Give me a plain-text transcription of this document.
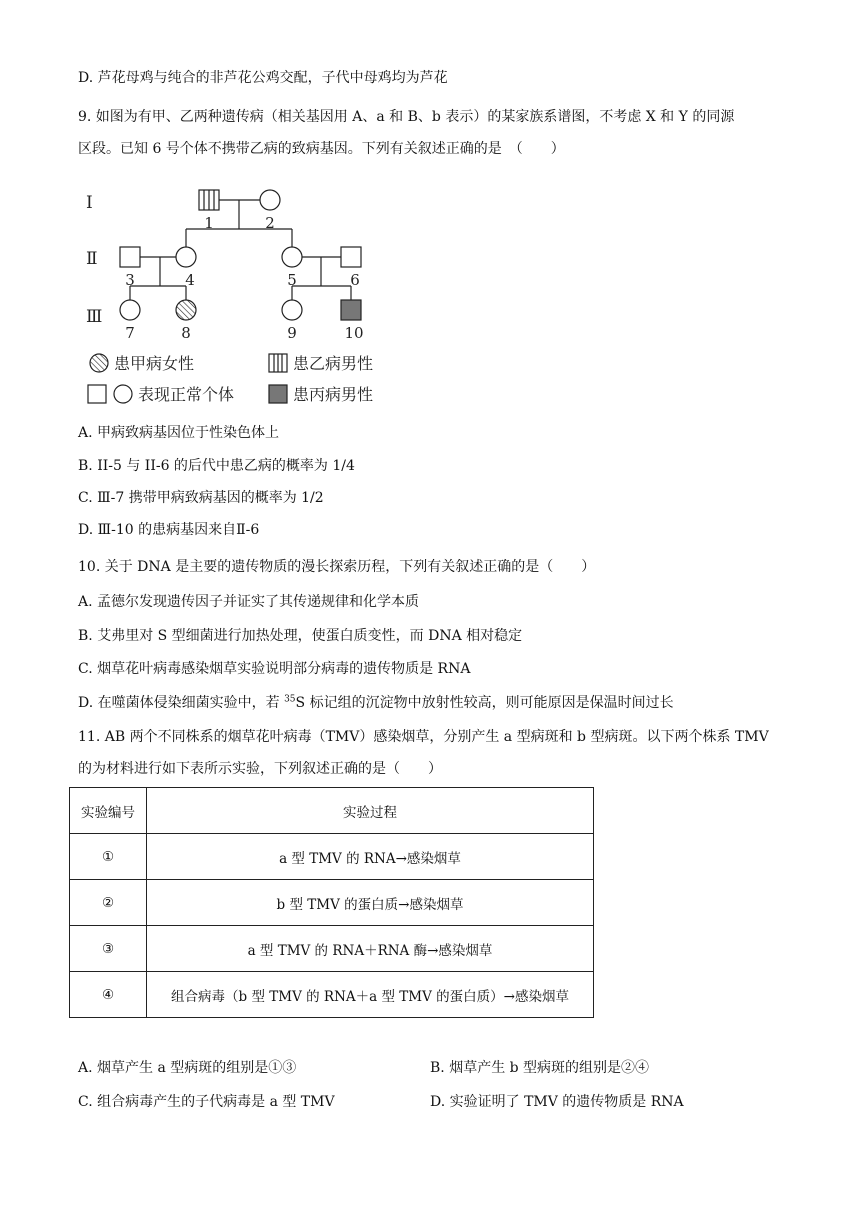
D. 芦花母鸡与纯合的非芦花公鸡交配，子代中母鸡均为芦花
9. 如图为有甲、乙两种遗传病（相关基因用 A、a 和 B、b 表示）的某家族系谱图，不考虑 X 和 Y 的同源
区段。已知 6 号个体不携带乙病的致病基因。下列有关叙述正确的是　（　　）
Ⅰ
Ⅱ
Ⅲ
1	2
3	4	5	6
7	8	9	10
患甲病女性	患乙病男性
表现正常个体	患丙病男性
A. 甲病致病基因位于性染色体上
B. II-5 与 II-6 的后代中患乙病的概率为 1/4
C. Ⅲ-7 携带甲病致病基因的概率为 1/2
D. Ⅲ-10 的患病基因来自Ⅱ-6
10. 关于 DNA 是主要的遗传物质的漫长探索历程，下列有关叙述正确的是（　　）
A. 孟德尔发现遗传因子并证实了其传递规律和化学本质
B. 艾弗里对 S 型细菌进行加热处理，使蛋白质变性，而 DNA 相对稳定
C. 烟草花叶病毒感染烟草实验说明部分病毒的遗传物质是 RNA
D. 在噬菌体侵染细菌实验中，若 $^{35}$S 标记组的沉淀物中放射性较高，则可能原因是保温时间过长
11. AB 两个不同株系的烟草花叶病毒（TMV）感染烟草，分别产生 a 型病斑和 b 型病斑。以下两个株系 TMV
的为材料进行如下表所示实验，下列叙述正确的是（　　）
实验编号	实验过程
①	a 型 TMV 的 RNA→感染烟草
②	b 型 TMV 的蛋白质→感染烟草
③	a 型 TMV 的 RNA＋RNA 酶→感染烟草
④	组合病毒（b 型 TMV 的 RNA＋a 型 TMV 的蛋白质）→感染烟草
A. 烟草产生 a 型病斑的组别是①③	B. 烟草产生 b 型病斑的组别是②④
C. 组合病毒产生的子代病毒是 a 型 TMV	D. 实验证明了 TMV 的遗传物质是 RNA
